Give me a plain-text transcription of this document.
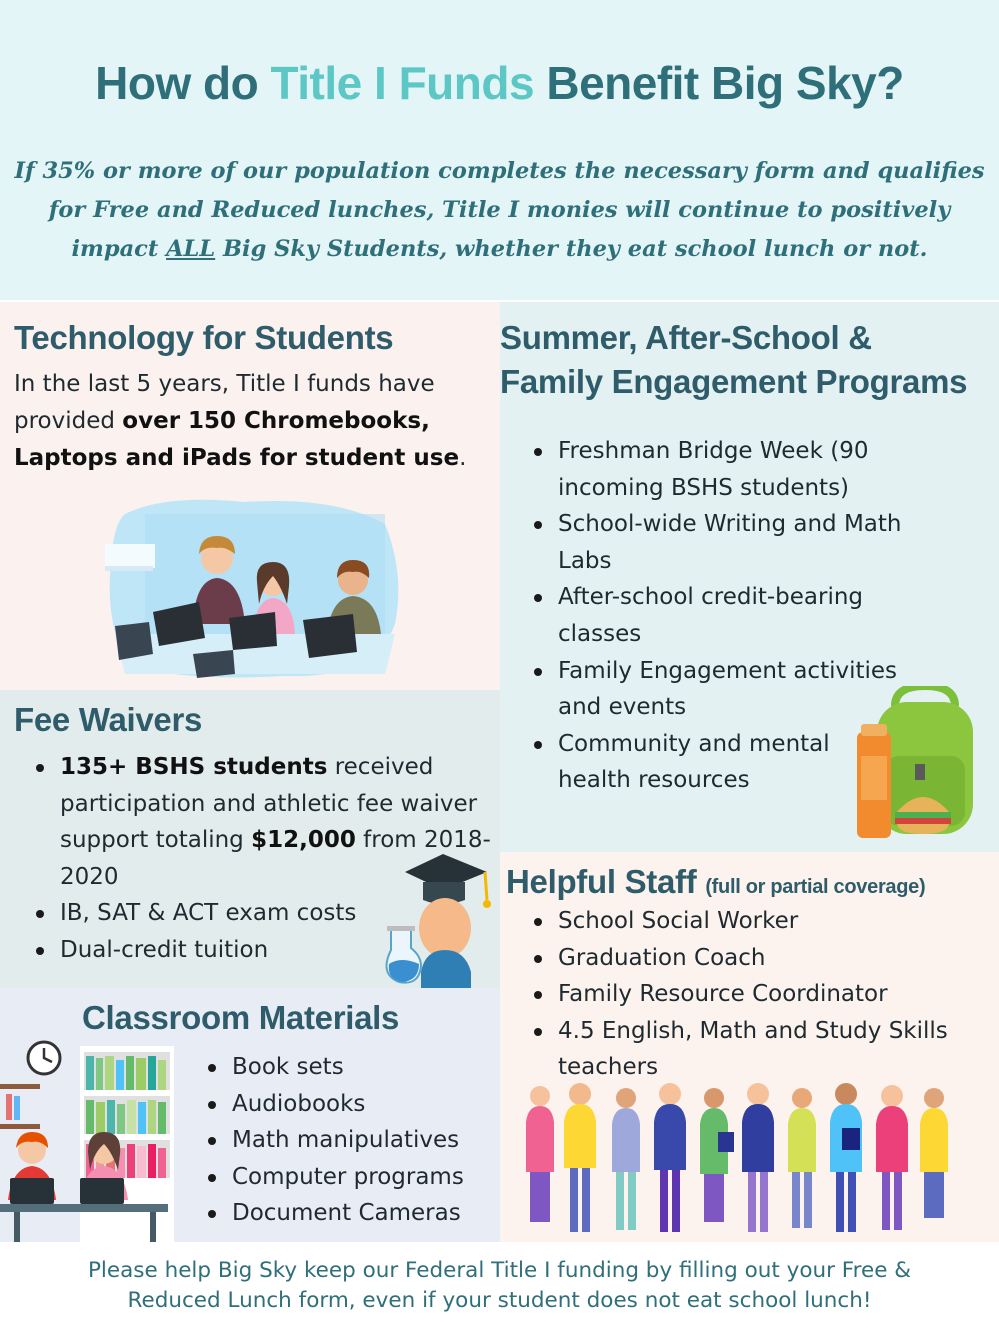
How do Title I Funds Benefit Big Sky?
If 35% or more of our population completes the necessary form and qualifies
for Free and Reduced lunches, Title I monies will continue to positively
impact ALL Big Sky Students, whether they eat school lunch or not.
Technology for Students
In the last 5 years, Title I funds have provided over 150 Chromebooks, Laptops and iPads for student use.
Summer, After-School &
Family Engagement Programs
Freshman Bridge Week (90 incoming BSHS students)
School-wide Writing and Math Labs
After-school credit-bearing classes
Family Engagement activities and events
Community and mental health resources
Fee Waivers
135+ BSHS students received participation and athletic fee waiver support totaling $12,000 from 2018-2020
IB, SAT & ACT exam costs
Dual-credit tuition
Classroom Materials
Book sets
Audiobooks
Math manipulatives
Computer programs
Document Cameras
Helpful Staff (full or partial coverage)
School Social Worker
Graduation Coach
Family Resource Coordinator
4.5 English, Math and Study Skills teachers
Please help Big Sky keep our Federal Title I funding by filling out your Free &
Reduced Lunch form, even if your student does not eat school lunch!
